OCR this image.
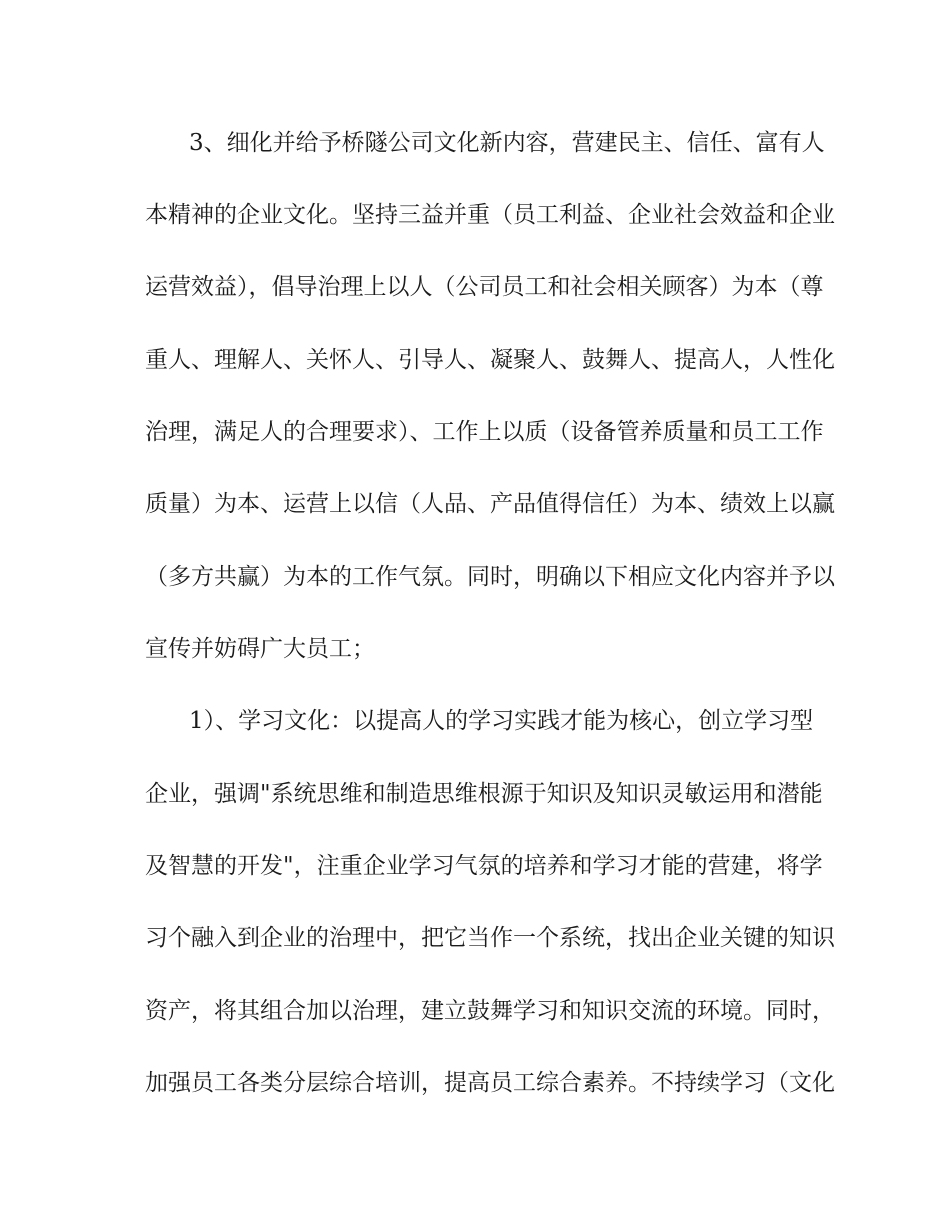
3、细化并给予桥隧公司文化新内容，营建民主、信任、富有人
本精神的企业文化。坚持三益并重（员工利益、企业社会效益和企业
运营效益），倡导治理上以人（公司员工和社会相关顾客）为本（尊
重人、理解人、关怀人、引导人、凝聚人、鼓舞人、提高人，人性化
治理，满足人的合理要求）、工作上以质（设备管养质量和员工工作
质量）为本、运营上以信（人品、产品值得信任）为本、绩效上以赢
（多方共赢）为本的工作气氛。同时，明确以下相应文化内容并予以
宣传并妨碍广大员工；
1）、学习文化：以提高人的学习实践才能为核心，创立学习型
企业，强调"系统思维和制造思维根源于知识及知识灵敏运用和潜能
及智慧的开发"，注重企业学习气氛的培养和学习才能的营建，将学
习个融入到企业的治理中，把它当作一个系统，找出企业关键的知识
资产，将其组合加以治理，建立鼓舞学习和知识交流的环境。同时，
加强员工各类分层综合培训，提高员工综合素养。不持续学习（文化
